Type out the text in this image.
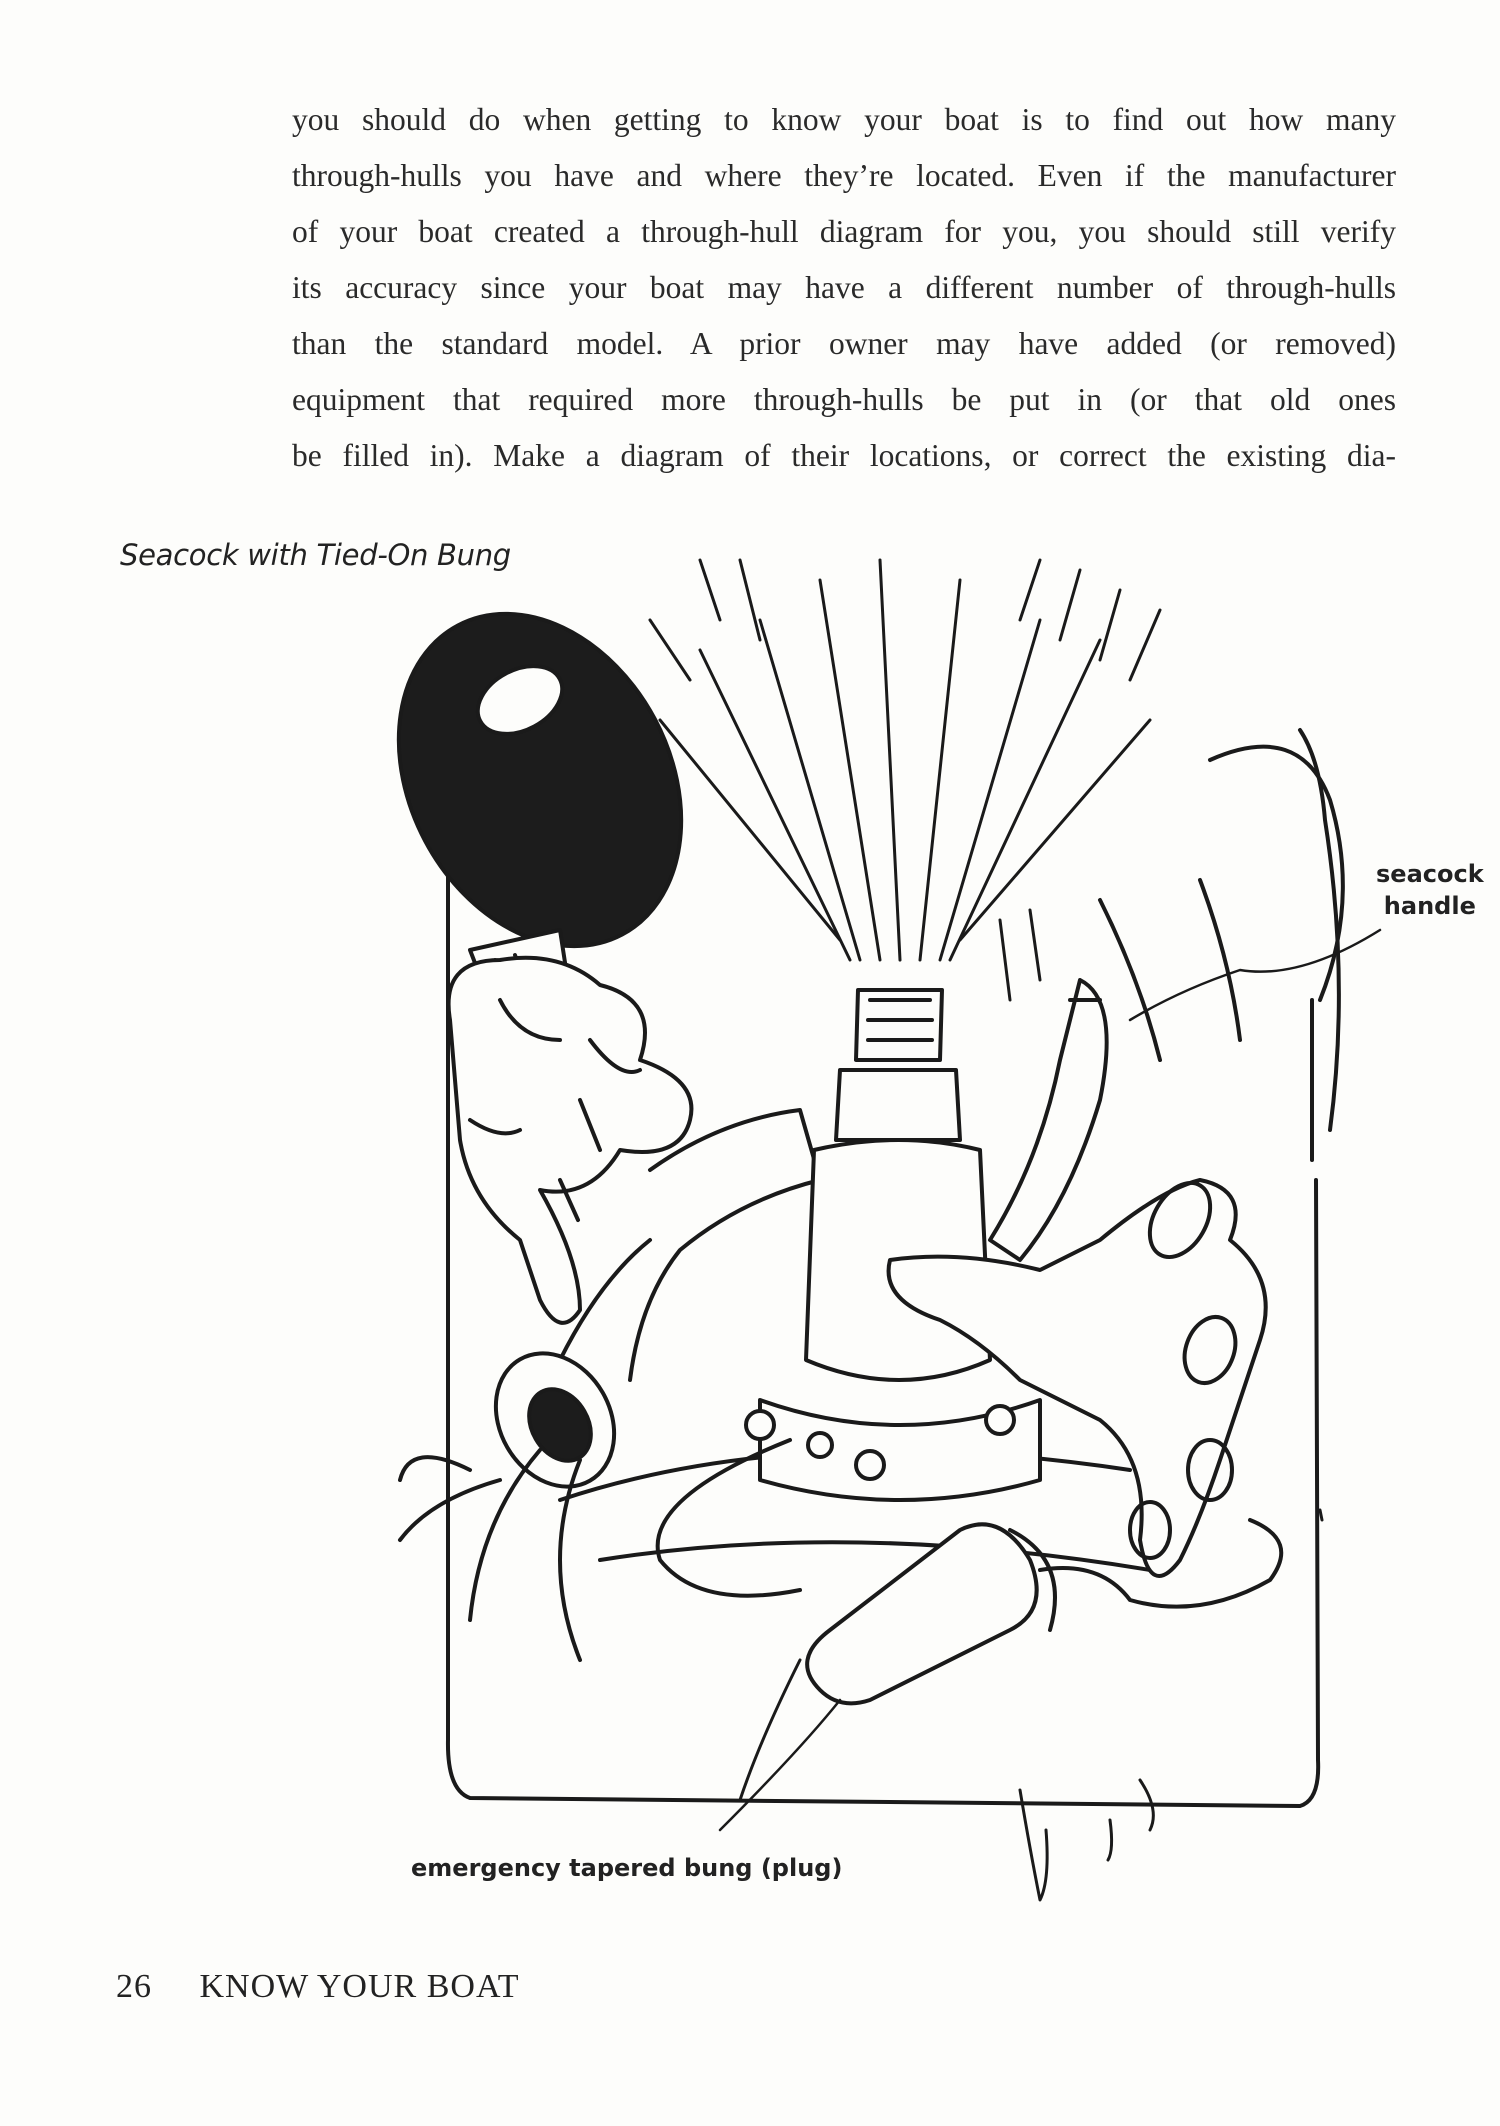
you should do when getting to know your boat is to find out how many
through-hulls you have and where they’re located. Even if the manufacturer
of your boat created a through-hull diagram for you, you should still verify
its accuracy since your boat may have a different number of through-hulls
than the standard model. A prior owner may have added (or removed)
equipment that required more through-hulls be put in (or that old ones
be filled in). Make a diagram of their locations, or correct the existing dia-
Seacock with Tied-On Bung
seacock
handle
emergency tapered bung (plug)
26 KNOW YOUR BOAT
